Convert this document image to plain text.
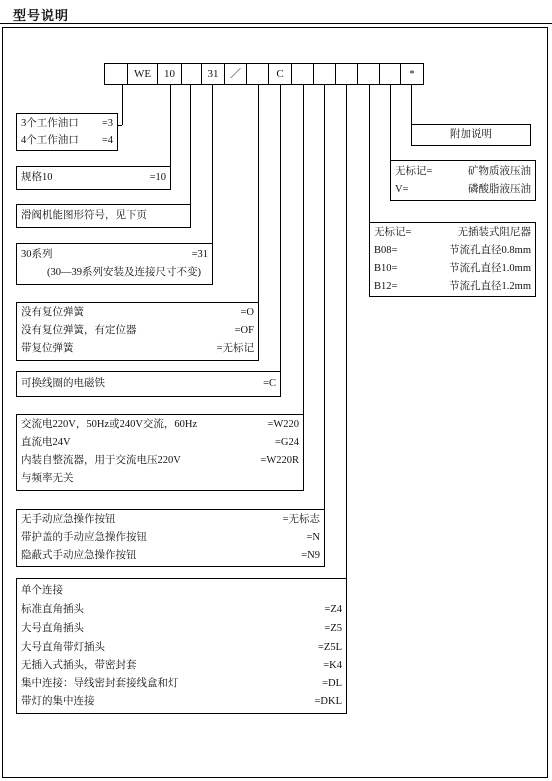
型号说明
WE	10	31	／	C	*
3个工作油口 =3
4个工作油口 =4
规格10	=10
滑阀机能图形符号，见下页
30系列	=31
(30—39系列安装及连接尺寸不变)
没有复位弹簧	=O
没有复位弹簧，有定位器	=OF
带复位弹簧	=无标记
可换线圈的电磁铁	=C
交流电220V，50Hz或240V交流，60Hz	=W220
直流电24V	=G24
内装自整流器，用于交流电压220V	=W220R
与频率无关
无手动应急操作按钮	=无标志
带护盖的手动应急操作按钮	=N
隐蔽式手动应急操作按钮	=N9
单个连接
标准直角插头	=Z4
大号直角插头	=Z5
大号直角带灯插头	=Z5L
无插入式插头，带密封套	=K4
集中连接：导线密封套接线盒和灯	=DL
带灯的集中连接	=DKL
附加说明
无标记=	矿物质液压油
V=	磷酸脂液压油
无标记=	无插装式阻尼器
B08=	节流孔直径0.8mm
B10=	节流孔直径1.0mm
B12=	节流孔直径1.2mm
